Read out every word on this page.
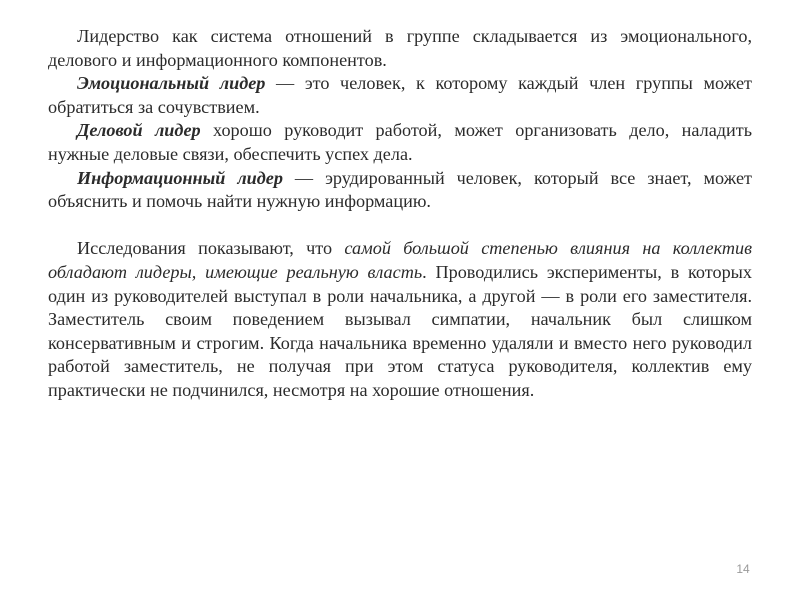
Лидерство как система отношений в группе складывается из эмоционального, делового и информационного компонентов.

Эмоциональный лидер — это человек, к которому каждый член группы может обратиться за сочувствием.

Деловой лидер хорошо руководит работой, может организовать дело, наладить нужные деловые связи, обеспечить успех дела.

Информационный лидер — эрудированный человек, который все знает, может объяснить и помочь найти нужную информацию.

Исследования показывают, что самой большой степенью влияния на коллектив обладают лидеры, имеющие реальную власть. Проводились эксперименты, в которых один из руководителей выступал в роли начальника, а другой — в роли его заместителя. Заместитель своим поведением вызывал симпатии, начальник был слишком консервативным и строгим. Когда начальника временно удаляли и вместо него руководил работой заместитель, не получая при этом статуса руководителя, коллектив ему практически не подчинился, несмотря на хорошие отношения.

14
